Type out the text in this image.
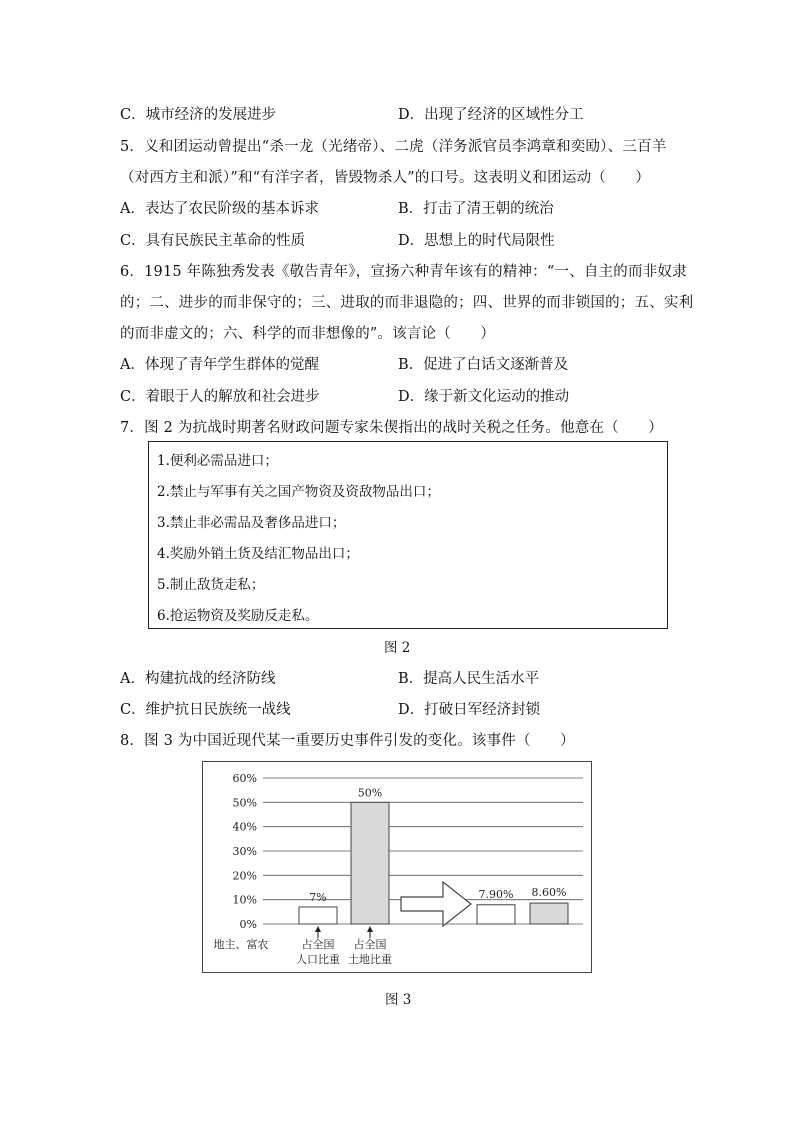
C．城市经济的发展进步	D．出现了经济的区域性分工
5．义和团运动曾提出“杀一龙（光绪帝）、二虎（洋务派官员李鸿章和奕劻）、三百羊
（对西方主和派）”和“有洋字者，皆毁物杀人”的口号。这表明义和团运动（　　）
A．表达了农民阶级的基本诉求	B．打击了清王朝的统治
C．具有民族民主革命的性质	D．思想上的时代局限性
6．1915 年陈独秀发表《敬告青年》，宣扬六种青年该有的精神：“一、自主的而非奴隶
的；二、进步的而非保守的；三、进取的而非退隐的；四、世界的而非锁国的；五、实利
的而非虚文的；六、科学的而非想像的”。该言论（　　）
A．体现了青年学生群体的觉醒	B．促进了白话文逐渐普及
C．着眼于人的解放和社会进步	D．缘于新文化运动的推动
7．图 2 为抗战时期著名财政问题专家朱偰指出的战时关税之任务。他意在（　　）
1.便利必需品进口；
2.禁止与军事有关之国产物资及资敌物品出口；
3.禁止非必需品及奢侈品进口；
4.奖励外销土货及结汇物品出口；
5.制止敌货走私；
6.抢运物资及奖励反走私。
图 2
A．构建抗战的经济防线	B．提高人民生活水平
C．维护抗日民族统一战线	D．打破日军经济封锁
8．图 3 为中国近现代某一重要历史事件引发的变化。该事件（　　）
0%
10%
20%
30%
40%
50%
60%
7%
50%
7.90% 8.60%
地主、富农	占全国
人口比重
占全国
土地比重
图 3
